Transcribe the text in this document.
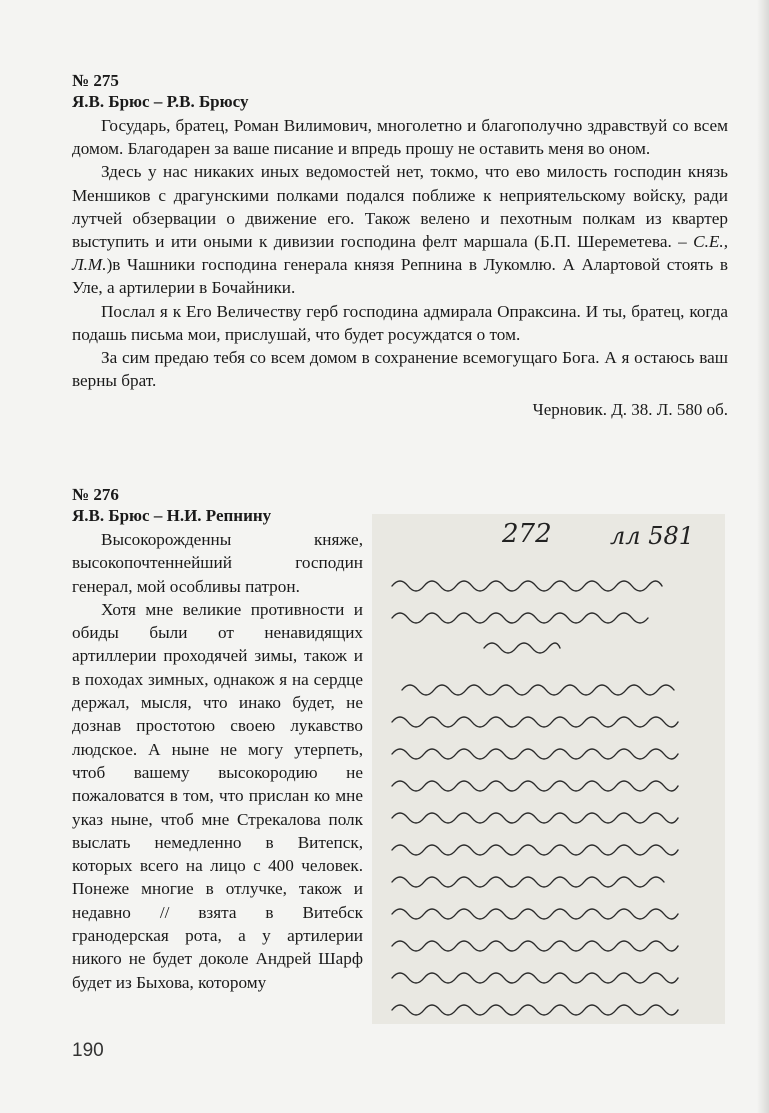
№ 275

Я.В. Брюс – Р.В. Брюсу

Государь, братец, Роман Вилимович, многолетно и благополучно здравствуй со всем домом. Благодарен за ваше писание и впредь прошу не оставить меня во оном.

Здесь у нас никаких иных ведомостей нет, токмо, что ево милость господин князь Меншиков с драгунскими полками подался поближе к неприятельскому войску, ради лутчей обзервации о движение его. Також велено и пехотным полкам из квартер выступить и ити оными к дивизии господина фелт маршала (Б.П. Шереметева. – С.Е., Л.М.)в Чашники господина генерала князя Репнина в Лукомлю. А Алартовой стоять в Уле, а артилерии в Бочайники.

Послал я к Его Величеству герб господина адмирала Опраксина. И ты, братец, когда подашь письма мои, прислушай, что будет росуждатся о том.

За сим предаю тебя со всем домом в сохранение всемогущаго Бога. А я остаюсь ваш верны брат.

Черновик. Д. 38. Л. 580 об.

№ 276

Я.В. Брюс – Н.И. Репнину

Высокорожденны княже, высокопочтеннейший господин генерал, мой особливы патрон.

Хотя мне великие противности и обиды были от ненавидящих артиллерии проходячей зимы, також и в походах зимных, однакож я на сердце держал, мысля, что инако будет, не дознав простотою своею лукавство людское. А ныне не могу утерпеть, чтоб вашему высокородию не пожаловатся в том, что прислан ко мне указ ныне, чтоб мне Стрекалова полк выслать немедленно в Витепск, которых всего на лицо с 400 человек. Понеже многие в отлучке, також и недавно // взята в Витебск гранодерская рота, а у артилерии никого не будет доколе Андрей Шарф будет из Быхова, которому

272 лл 581
190
